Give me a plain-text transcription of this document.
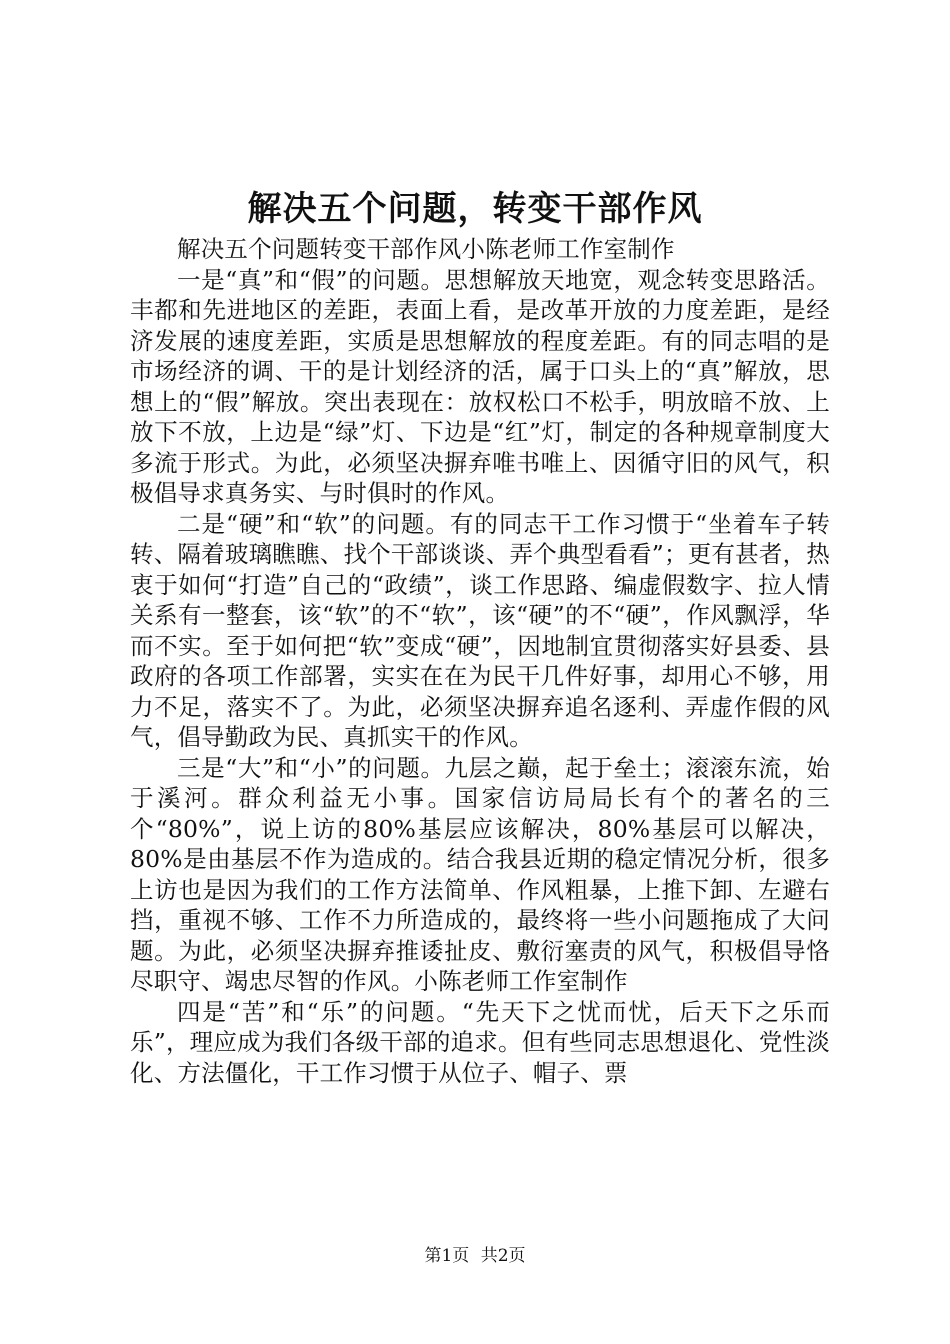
解决五个问题，转变干部作风

解决五个问题转变干部作风小陈老师工作室制作

一是“真”和“假”的问题。思想解放天地宽，观念转变思路活。丰都和先进地区的差距，表面上看，是改革开放的力度差距，是经济发展的速度差距，实质是思想解放的程度差距。有的同志唱的是市场经济的调、干的是计划经济的活，属于口头上的“真”解放，思想上的“假”解放。突出表现在：放权松口不松手，明放暗不放、上放下不放，上边是“绿”灯、下边是“红”灯，制定的各种规章制度大多流于形式。为此，必须坚决摒弃唯书唯上、因循守旧的风气，积极倡导求真务实、与时俱时的作风。

二是“硬”和“软”的问题。有的同志干工作习惯于“坐着车子转转、隔着玻璃瞧瞧、找个干部谈谈、弄个典型看看”；更有甚者，热衷于如何“打造”自己的“政绩”，谈工作思路、编虚假数字、拉人情关系有一整套，该“软”的不“软”，该“硬”的不“硬”，作风飘浮，华而不实。至于如何把“软”变成“硬”，因地制宜贯彻落实好县委、县政府的各项工作部署，实实在在为民干几件好事，却用心不够，用力不足，落实不了。为此，必须坚决摒弃追名逐利、弄虚作假的风气，倡导勤政为民、真抓实干的作风。

三是“大”和“小”的问题。九层之巅，起于垒土；滚滚东流，始于溪河。群众利益无小事。国家信访局局长有个的著名的三个“80%”，说上访的80%基层应该解决，80%基层可以解决，80%是由基层不作为造成的。结合我县近期的稳定情况分析，很多上访也是因为我们的工作方法简单、作风粗暴，上推下卸、左避右挡，重视不够、工作不力所造成的，最终将一些小问题拖成了大问题。为此，必须坚决摒弃推诿扯皮、敷衍塞责的风气，积极倡导恪尽职守、竭忠尽智的作风。小陈老师工作室制作

四是“苦”和“乐”的问题。“先天下之忧而忧，后天下之乐而乐”，理应成为我们各级干部的追求。但有些同志思想退化、党性淡化、方法僵化，干工作习惯于从位子、帽子、票

第1页 共2页
